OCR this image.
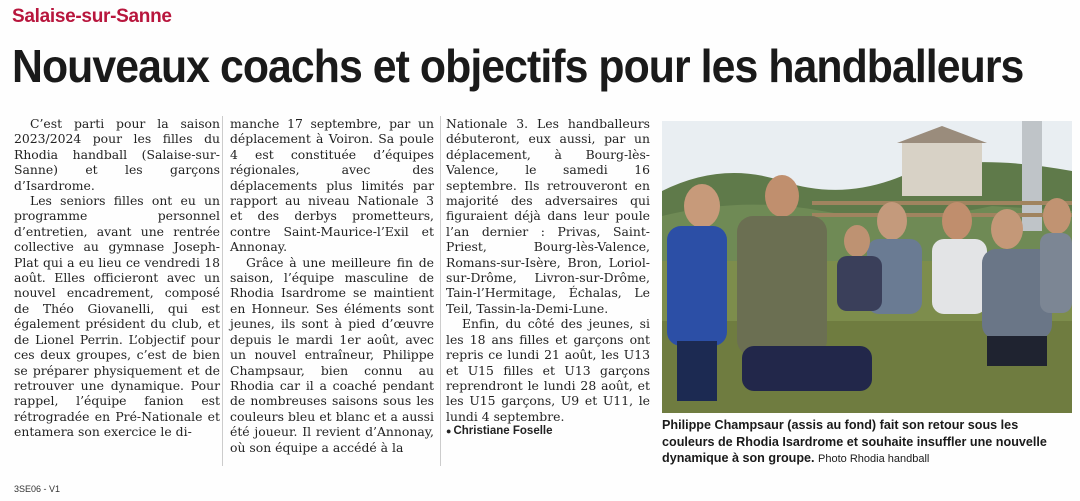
Salaise-sur-Sanne
Nouveaux coachs et objectifs pour les handballeurs

C’est parti pour la saison 2023/2024 pour les filles du Rhodia handball (Salaise-sur-Sanne) et les garçons d’Isardrome.

Les seniors filles ont eu un programme personnel d’entretien, avant une rentrée collective au gymnase Joseph-Plat qui a eu lieu ce vendredi 18 août. Elles officieront avec un nouvel encadrement, composé de Théo Giovanelli, qui est également président du club, et de Lionel Perrin. L’objectif pour ces deux groupes, c’est de bien se préparer physiquement et de retrouver une dynamique. Pour rappel, l’équipe fanion est rétrogradée en Pré-Nationale et entamera son exercice le di-

manche 17 septembre, par un déplacement à Voiron. Sa poule 4 est constituée d’équipes régionales, avec des déplacements plus limités par rapport au niveau Nationale 3 et des derbys prometteurs, contre Saint-Maurice-l’Exil et Annonay.

Grâce à une meilleure fin de saison, l’équipe masculine de Rhodia Isardrome se maintient en Honneur. Ses éléments sont jeunes, ils sont à pied d’œuvre depuis le mardi 1er août, avec un nouvel entraîneur, Philippe Champsaur, bien connu au Rhodia car il a coaché pendant de nombreuses saisons sous les couleurs bleu et blanc et a aussi été joueur. Il revient d’Annonay, où son équipe a accédé à la

Nationale 3. Les handballeurs débuteront, eux aussi, par un déplacement, à Bourg-lès-Valence, le samedi 16 septembre. Ils retrouveront en majorité des adversaires qui figuraient déjà dans leur poule l’an dernier : Privas, Saint-Priest, Bourg-lès-Valence, Romans-sur-Isère, Bron, Loriol-sur-Drôme, Livron-sur-Drôme, Tain-l’Hermitage, Échalas, Le Teil, Tassin-la-Demi-Lune.

Enfin, du côté des jeunes, si les 18 ans filles et garçons ont repris ce lundi 21 août, les U13 et U15 filles et U13 garçons reprendront le lundi 28 août, et les U15 garçons, U9 et U11, le lundi 4 septembre.

● Christiane Foselle	Philippe Champsaur (assis au fond) fait son retour sous les couleurs de Rhodia Isardrome et souhaite insuffler une nouvelle dynamique à son groupe. Photo Rhodia handball
3SE06 - V1
